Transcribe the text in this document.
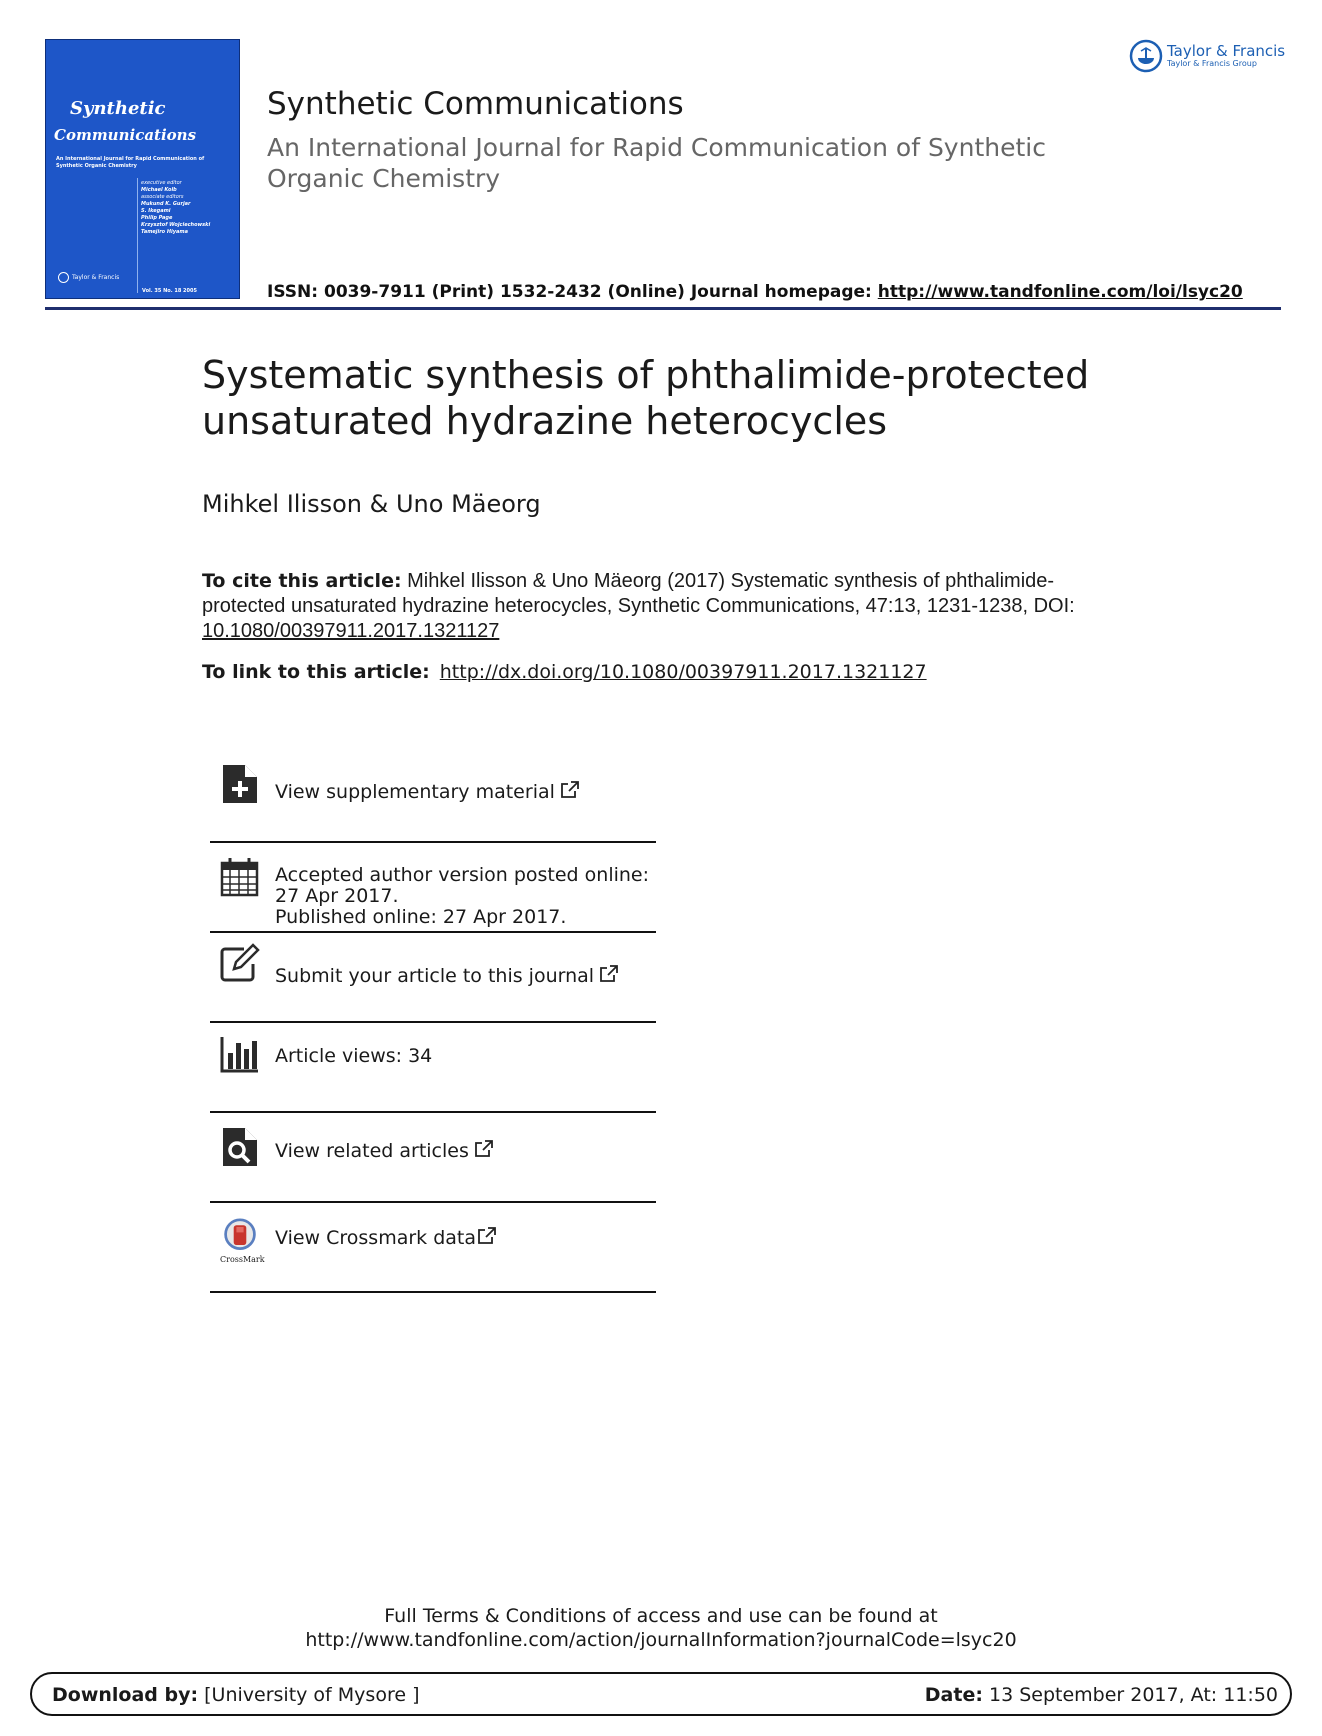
Synthetic
Communications
An International Journal for Rapid Communication of Synthetic Organic Chemistry
executive editor
Michael Kolb
associate editors
Mukund K. Gurjar
S. Ikegami
Philip Page
Krzysztof Wojciechowski
Tamejiro Hiyama
Taylor & Francis
Vol. 35 No. 18 2005
Synthetic Communications
An International Journal for Rapid Communication of Synthetic Organic Chemistry
ISSN: 0039-7911 (Print) 1532-2432 (Online) Journal homepage: http://www.tandfonline.com/loi/lsyc20
Taylor & Francis
Taylor & Francis Group
Systematic synthesis of phthalimide-protected unsaturated hydrazine heterocycles
Mihkel Ilisson & Uno Mäeorg
To cite this article: Mihkel Ilisson & Uno Mäeorg (2017) Systematic synthesis of phthalimide-protected unsaturated hydrazine heterocycles, Synthetic Communications, 47:13, 1231-1238, DOI: 10.1080/00397911.2017.1321127
To link to this article: http://dx.doi.org/10.1080/00397911.2017.1321127
View supplementary material
Accepted author version posted online: 27 Apr 2017.
Published online: 27 Apr 2017.
Submit your article to this journal
Article views: 34
View related articles
CrossMark
View Crossmark data
Full Terms & Conditions of access and use can be found at
http://www.tandfonline.com/action/journalInformation?journalCode=lsyc20
Download by: [University of Mysore ]	Date: 13 September 2017, At: 11:50
